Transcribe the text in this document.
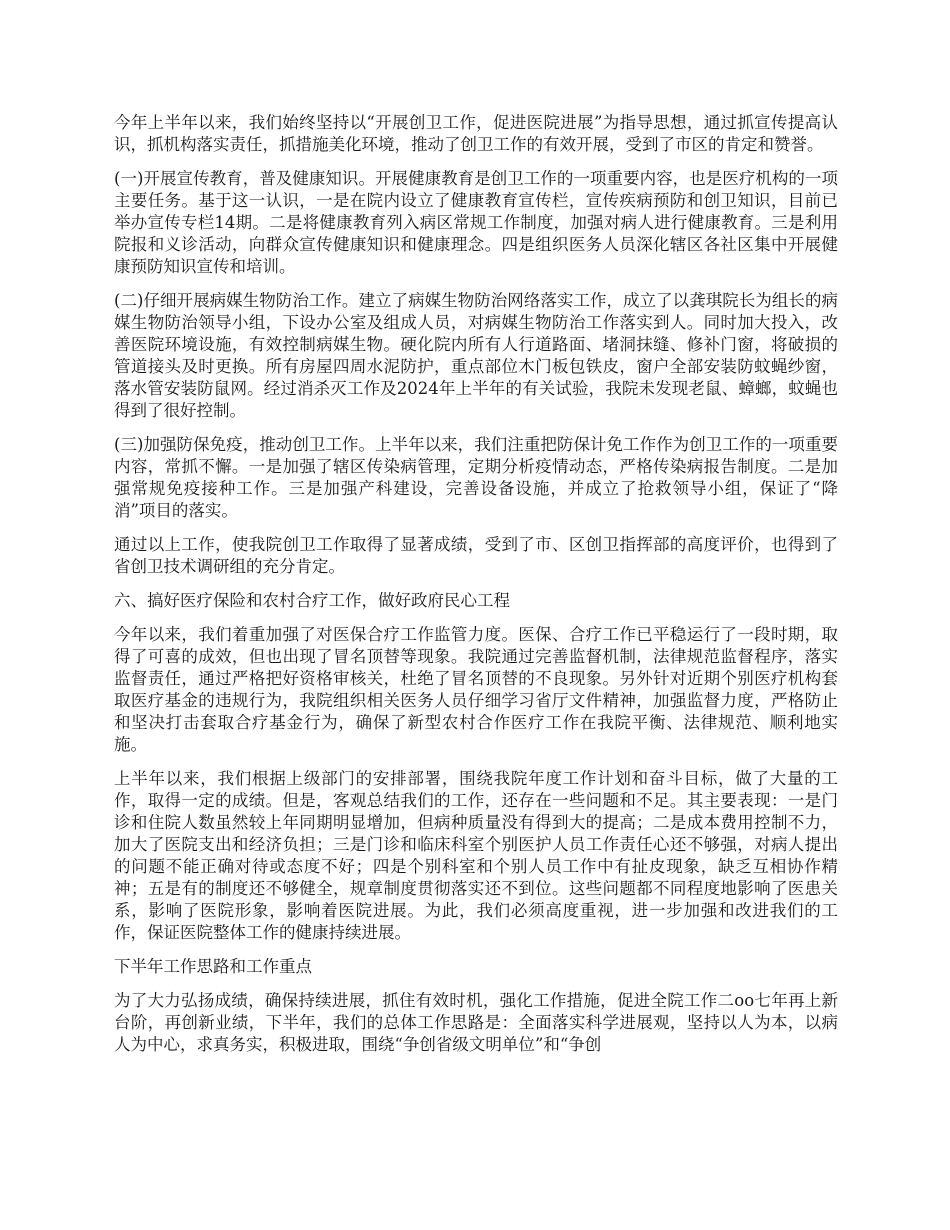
今年上半年以来，我们始终坚持以“开展创卫工作，促进医院进展”为指导思想，通过抓宣传提高认识，抓机构落实责任，抓措施美化环境，推动了创卫工作的有效开展，受到了市区的肯定和赞誉。

(一)开展宣传教育，普及健康知识。开展健康教育是创卫工作的一项重要内容，也是医疗机构的一项主要任务。基于这一认识，一是在院内设立了健康教育宣传栏，宣传疾病预防和创卫知识，目前已举办宣传专栏14期。二是将健康教育列入病区常规工作制度，加强对病人进行健康教育。三是利用院报和义诊活动，向群众宣传健康知识和健康理念。四是组织医务人员深化辖区各社区集中开展健康预防知识宣传和培训。

(二)仔细开展病媒生物防治工作。建立了病媒生物防治网络落实工作，成立了以龚琪院长为组长的病媒生物防治领导小组，下设办公室及组成人员，对病媒生物防治工作落实到人。同时加大投入，改善医院环境设施，有效控制病媒生物。硬化院内所有人行道路面、堵洞抹缝、修补门窗，将破损的管道接头及时更换。所有房屋四周水泥防护，重点部位木门板包铁皮，窗户全部安装防蚊蝇纱窗，落水管安装防鼠网。经过消杀灭工作及2024年上半年的有关试验，我院未发现老鼠、蟑螂，蚊蝇也得到了很好控制。

(三)加强防保免疫，推动创卫工作。上半年以来，我们注重把防保计免工作作为创卫工作的一项重要内容，常抓不懈。一是加强了辖区传染病管理，定期分析疫情动态，严格传染病报告制度。二是加强常规免疫接种工作。三是加强产科建设，完善设备设施，并成立了抢救领导小组，保证了“降消”项目的落实。

通过以上工作，使我院创卫工作取得了显著成绩，受到了市、区创卫指挥部的高度评价，也得到了省创卫技术调研组的充分肯定。

六、搞好医疗保险和农村合疗工作，做好政府民心工程

今年以来，我们着重加强了对医保合疗工作监管力度。医保、合疗工作已平稳运行了一段时期，取得了可喜的成效，但也出现了冒名顶替等现象。我院通过完善监督机制，法律规范监督程序，落实监督责任，通过严格把好资格审核关，杜绝了冒名顶替的不良现象。另外针对近期个别医疗机构套取医疗基金的违规行为，我院组织相关医务人员仔细学习省厅文件精神，加强监督力度，严格防止和坚决打击套取合疗基金行为，确保了新型农村合作医疗工作在我院平衡、法律规范、顺利地实施。

上半年以来，我们根据上级部门的安排部署，围绕我院年度工作计划和奋斗目标，做了大量的工作，取得一定的成绩。但是，客观总结我们的工作，还存在一些问题和不足。其主要表现：一是门诊和住院人数虽然较上年同期明显增加，但病种质量没有得到大的提高；二是成本费用控制不力，加大了医院支出和经济负担；三是门诊和临床科室个别医护人员工作责任心还不够强，对病人提出的问题不能正确对待或态度不好；四是个别科室和个别人员工作中有扯皮现象，缺乏互相协作精神；五是有的制度还不够健全，规章制度贯彻落实还不到位。这些问题都不同程度地影响了医患关系，影响了医院形象，影响着医院进展。为此，我们必须高度重视，进一步加强和改进我们的工作，保证医院整体工作的健康持续进展。

下半年工作思路和工作重点

为了大力弘扬成绩，确保持续进展，抓住有效时机，强化工作措施，促进全院工作二oo七年再上新台阶，再创新业绩，下半年，我们的总体工作思路是：全面落实科学进展观，坚持以人为本，以病人为中心，求真务实，积极进取，围绕“争创省级文明单位”和“争创
